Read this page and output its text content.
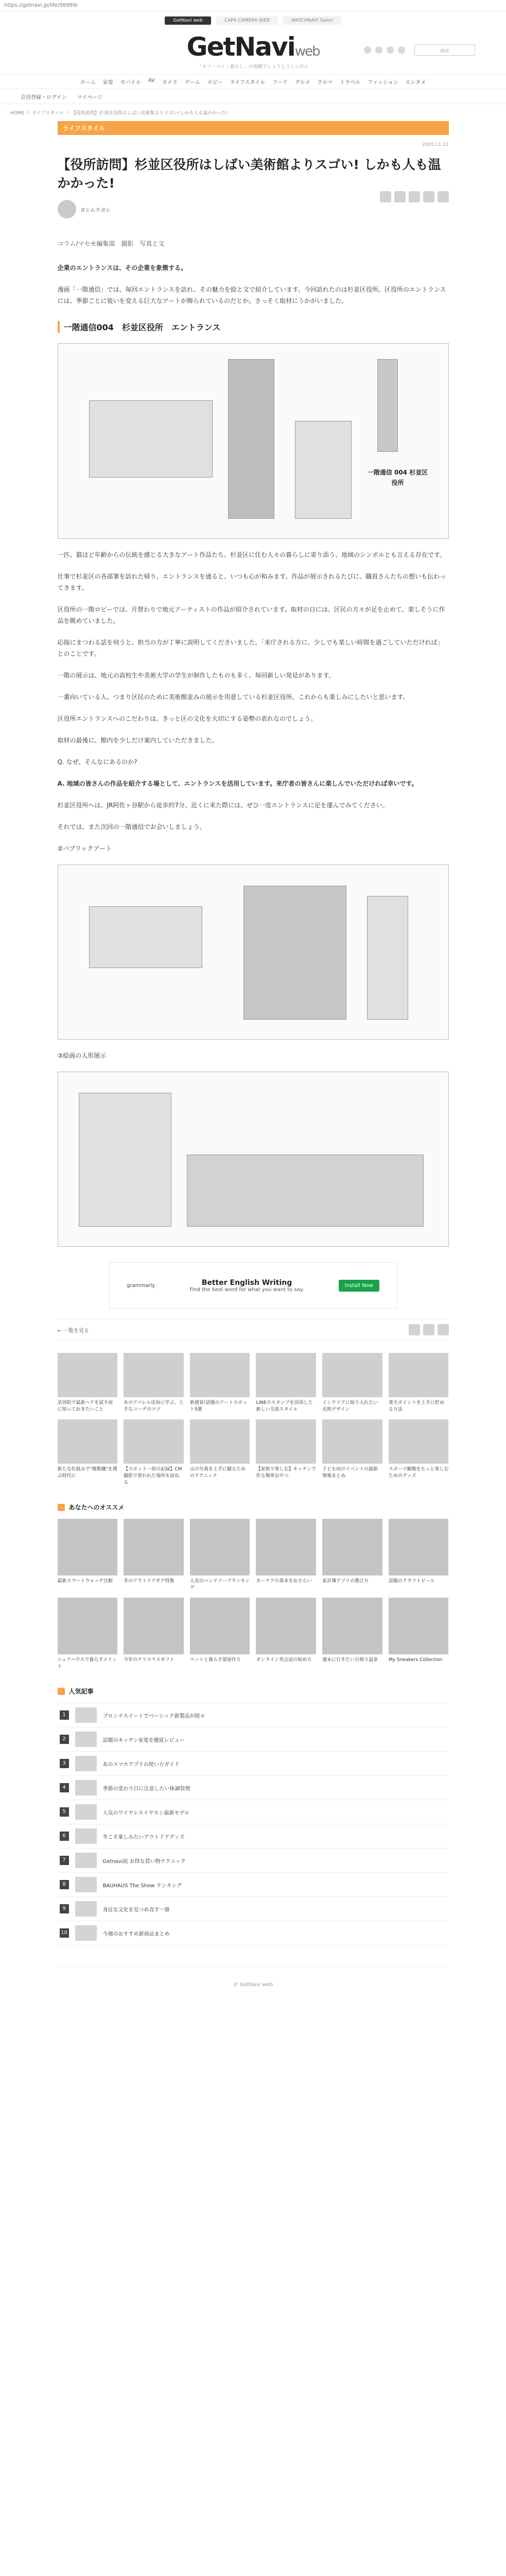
https://getnavi.jp/life/56999/
GetNavi web	CAPA CAMERA WEB	WATCHNAVI Salon
GetNaviweb
「モノ・コト・暮らし」の体験でしょうとうシンボル
検索
ホーム 家電 モバイル AV カメラ ゲーム ホビー ライフスタイル フード グルメ クルマ トラベル ファッション エンタメ
会員登録・ログイン マイページ
HOME ＞ ライフスタイル ＞ 【役所訪問】杉並区役所はしばい美術館よりスゴい!しかも人も温かかった!
ライフスタイル
2020.11.21
【役所訪問】杉並区役所はしばい美術館よりスゴい! しかも人も温かかった!
ヨシムラヨシ
コラム/マセモ編集部　撮影　写真と文

企業のエントランスは、その企業を象徴する。

漫画「一階通信」では、毎回エントランスを訪れ、その魅力を絵と文で紹介しています。今回訪れたのは杉並区役所。区役所のエントランスには、季節ごとに装いを変える巨大なアートが飾られているのだとか。さっそく取材にうかがいました。

一階通信004　杉並区役所　エントランス
一階通信 004 杉並区役所

一匹、猫ほど年齢からの伝統を感じる大きなアート作品たち。杉並区に住む人々の暮らしに寄り添う、地域のシンボルとも言える存在です。

仕事で杉並区の各部署を訪れた帰り、エントランスを通ると、いつも心が和みます。作品が展示されるたびに、職員さんたちの想いも伝わってきます。

区役所の一階ロビーでは、月替わりで地元アーティストの作品が紹介されています。取材の日には、区民の方々が足を止めて、楽しそうに作品を眺めていました。

応接にまつわる話を伺うと、担当の方が丁寧に説明してくださいました。「来庁される方に、少しでも楽しい時間を過ごしていただければ」とのことです。

一階の展示は、地元の高校生や美術大学の学生が制作したものも多く、毎回新しい発見があります。

一番向いている人、つまり区民のために美術館並みの展示を用意している杉並区役所。これからも楽しみにしたいと思います。

区役所エントランスへのこだわりは、きっと区の文化を大切にする姿勢の表れなのでしょう。

取材の最後に、館内を少しだけ案内していただきました。

Q. なぜ、そんなにあるのか?

A. 地域の皆さんの作品を紹介する場として、エントランスを活用しています。来庁者の皆さんに楽しんでいただければ幸いです。

杉並区役所へは、JR阿佐ヶ谷駅から徒歩約7分。近くに来た際には、ぜひ一度エントランスに足を運んでみてください。

それでは、また次回の一階通信でお会いしましょう。

②パブリックアート

③絵画の人形展示

grammarly	Better English Writing
Find the best word for what you want to say.
Install Now
← 一覧を見る
美容院で最新ヘアを試す前に知っておきたいこと
あのアパレル店員に学ぶ、上手なコーデのコツ
新感覚!話題のアートスポット5選
LINEのスタンプを活用した新しい交流スタイル
インテリアに取り入れたい北欧デザイン
楽天ポイントを上手に貯める方法
新たな仕組みで"複数職"を選ぶ時代に
【スポット・街の記録】CM撮影で使われた場所を訪ねる
山の写真を上手に撮るためのテクニック
【家族で楽しむ】キッチンで作る簡単おやつ
子ども向けイベントの最新情報まとめ
スポーツ観戦をもっと楽しむためのグッズ
あなたへのオススメ
最新スマートウォッチ比較	冬のアウトドアギア特集	人気のハンドソープランキング
カーケアの基本をおさらい	家計簿アプリの選び方	話題のクラフトビール
シェアハウスで暮らすメリット
今年のクリスマスギフト	ペットと暮らす部屋作り	オンライン英会話の始め方	週末に行きたい日帰り温泉	My Sneakers Collection
人気記事
1	プロンテスイートでベーシック新製品が続々
2	話題のキッチン家電を徹底レビュー
3	あのスマホアプリの使い方ガイド
4	季節の変わり目に注意したい体調管理
5	人気のワイヤレスイヤホン最新モデル
6	冬こそ楽しみたいアウトドアグッズ
7	Getnavi流 お得な買い物テクニック
8	BAUHAUS The Show ランキング
9	身近な文化を見つめ直す一冊
10	今週のおすすめ新商品まとめ
© GetNavi web
